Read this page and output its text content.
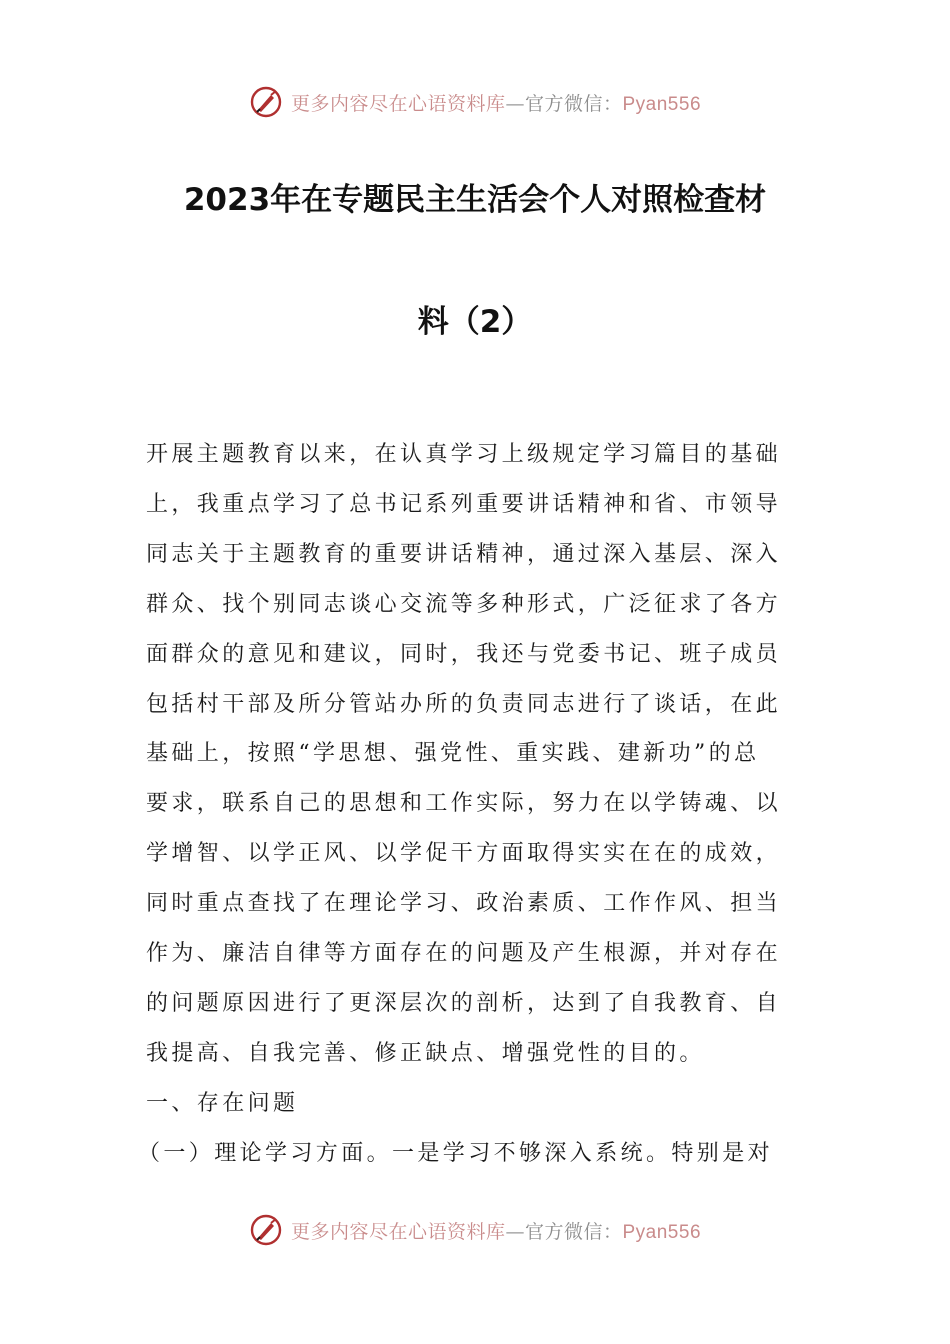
更多内容尽在心语资料库—官方微信：Pyan556
2023年在专题民主生活会个人对照检查材
料（2）

开展主题教育以来，在认真学习上级规定学习篇目的基础
上，我重点学习了总书记系列重要讲话精神和省、市领导
同志关于主题教育的重要讲话精神，通过深入基层、深入
群众、找个别同志谈心交流等多种形式，广泛征求了各方
面群众的意见和建议，同时，我还与党委书记、班子成员
包括村干部及所分管站办所的负责同志进行了谈话，在此
基础上，按照“学思想、强党性、重实践、建新功”的总
要求，联系自己的思想和工作实际，努力在以学铸魂、以
学增智、以学正风、以学促干方面取得实实在在的成效，
同时重点查找了在理论学习、政治素质、工作作风、担当
作为、廉洁自律等方面存在的问题及产生根源，并对存在
的问题原因进行了更深层次的剖析，达到了自我教育、自
我提高、自我完善、修正缺点、增强党性的目的。

一、存在问题
（一）理论学习方面。一是学习不够深入系统。特别是对
更多内容尽在心语资料库—官方微信：Pyan556
